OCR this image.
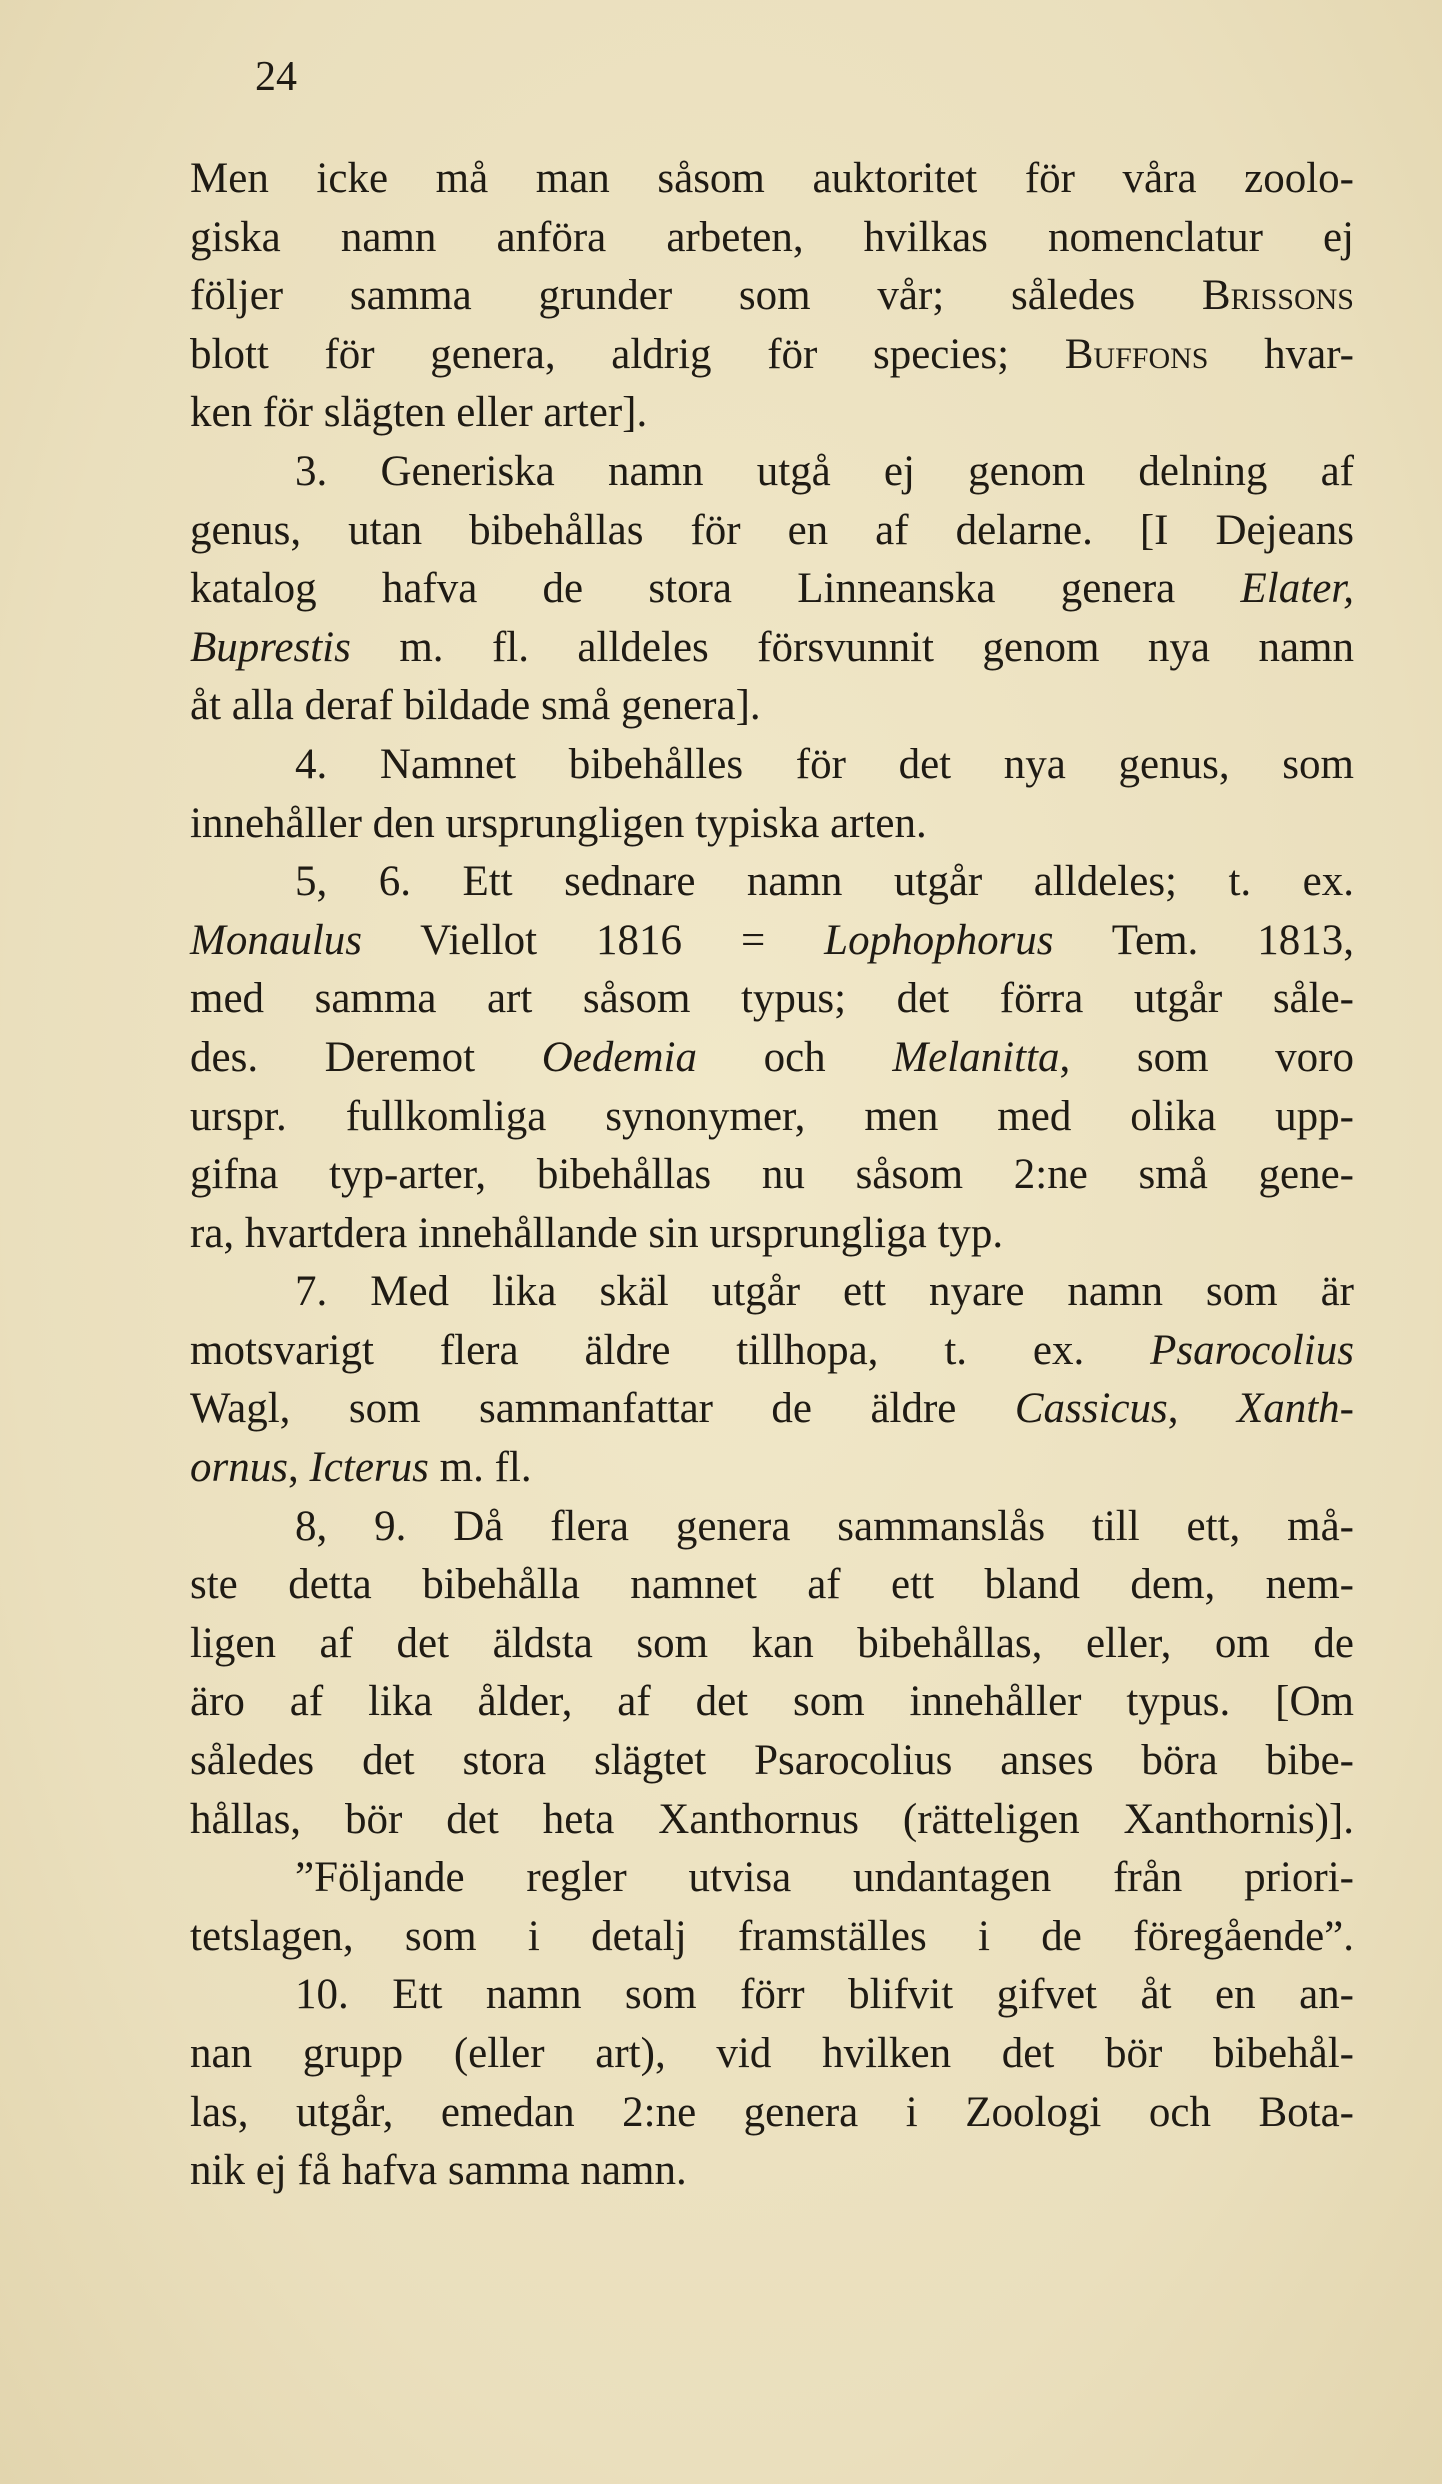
24
Men icke må man såsom auktoritet för våra zoolo-
giska namn anföra arbeten, hvilkas nomenclatur ej
följer samma grunder som vår; således Brissons
blott för genera, aldrig för species; Buffons hvar-
ken för slägten eller arter].
3. Generiska namn utgå ej genom delning af
genus, utan bibehållas för en af delarne. [I Dejeans
katalog hafva de stora Linneanska genera Elater,
Buprestis m. fl. alldeles försvunnit genom nya namn
åt alla deraf bildade små genera].
4. Namnet bibehålles för det nya genus, som
innehåller den ursprungligen typiska arten.
5, 6. Ett sednare namn utgår alldeles; t. ex.
Monaulus Viellot 1816 = Lophophorus Tem. 1813,
med samma art såsom typus; det förra utgår såle-
des. Deremot Oedemia och Melanitta, som voro
urspr. fullkomliga synonymer, men med olika upp-
gifna typ-arter, bibehållas nu såsom 2:ne små gene-
ra, hvartdera innehållande sin ursprungliga typ.
7. Med lika skäl utgår ett nyare namn som är
motsvarigt flera äldre tillhopa, t. ex. Psarocolius
Wagl, som sammanfattar de äldre Cassicus, Xanth-
ornus, Icterus m. fl.
8, 9. Då flera genera sammanslås till ett, må-
ste detta bibehålla namnet af ett bland dem, nem-
ligen af det äldsta som kan bibehållas, eller, om de
äro af lika ålder, af det som innehåller typus. [Om
således det stora slägtet Psarocolius anses böra bibe-
hållas, bör det heta Xanthornus (rätteligen Xanthornis)].
”Följande regler utvisa undantagen från priori-
tetslagen, som i detalj framställes i de föregående”.
10. Ett namn som förr blifvit gifvet åt en an-
nan grupp (eller art), vid hvilken det bör bibehål-
las, utgår, emedan 2:ne genera i Zoologi och Bota-
nik ej få hafva samma namn.
